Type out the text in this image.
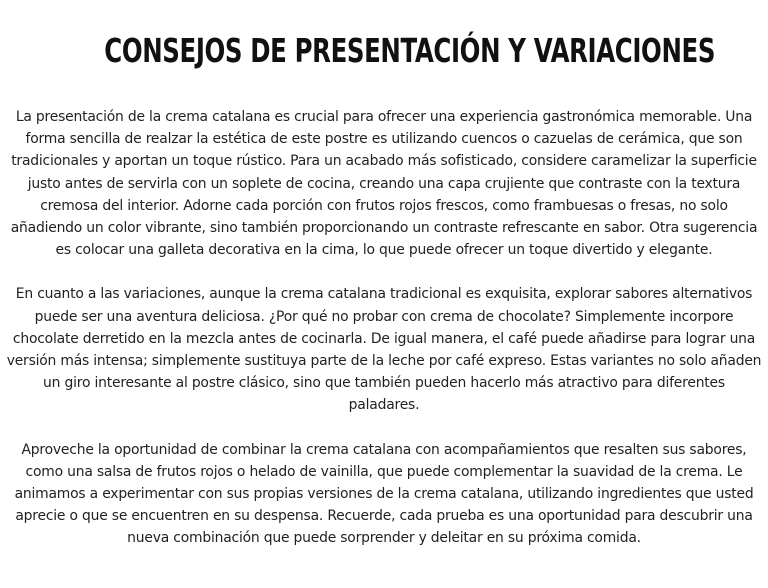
CONSEJOS DE PRESENTACIÓN Y VARIACIONES

La presentación de la crema catalana es crucial para ofrecer una experiencia gastronómica memorable. Una forma sencilla de realzar la estética de este postre es utilizando cuencos o cazuelas de cerámica, que son tradicionales y aportan un toque rústico. Para un acabado más sofisticado, considere caramelizar la superficie justo antes de servirla con un soplete de cocina, creando una capa crujiente que contraste con la textura cremosa del interior. Adorne cada porción con frutos rojos frescos, como frambuesas o fresas, no solo añadiendo un color vibrante, sino también proporcionando un contraste refrescante en sabor. Otra sugerencia es colocar una galleta decorativa en la cima, lo que puede ofrecer un toque divertido y elegante.

En cuanto a las variaciones, aunque la crema catalana tradicional es exquisita, explorar sabores alternativos puede ser una aventura deliciosa. ¿Por qué no probar con crema de chocolate? Simplemente incorpore chocolate derretido en la mezcla antes de cocinarla. De igual manera, el café puede añadirse para lograr una versión más intensa; simplemente sustituya parte de la leche por café expreso. Estas variantes no solo añaden un giro interesante al postre clásico, sino que también pueden hacerlo más atractivo para diferentes paladares.

Aproveche la oportunidad de combinar la crema catalana con acompañamientos que resalten sus sabores, como una salsa de frutos rojos o helado de vainilla, que puede complementar la suavidad de la crema. Le animamos a experimentar con sus propias versiones de la crema catalana, utilizando ingredientes que usted aprecie o que se encuentren en su despensa. Recuerde, cada prueba es una oportunidad para descubrir una nueva combinación que puede sorprender y deleitar en su próxima comida.
